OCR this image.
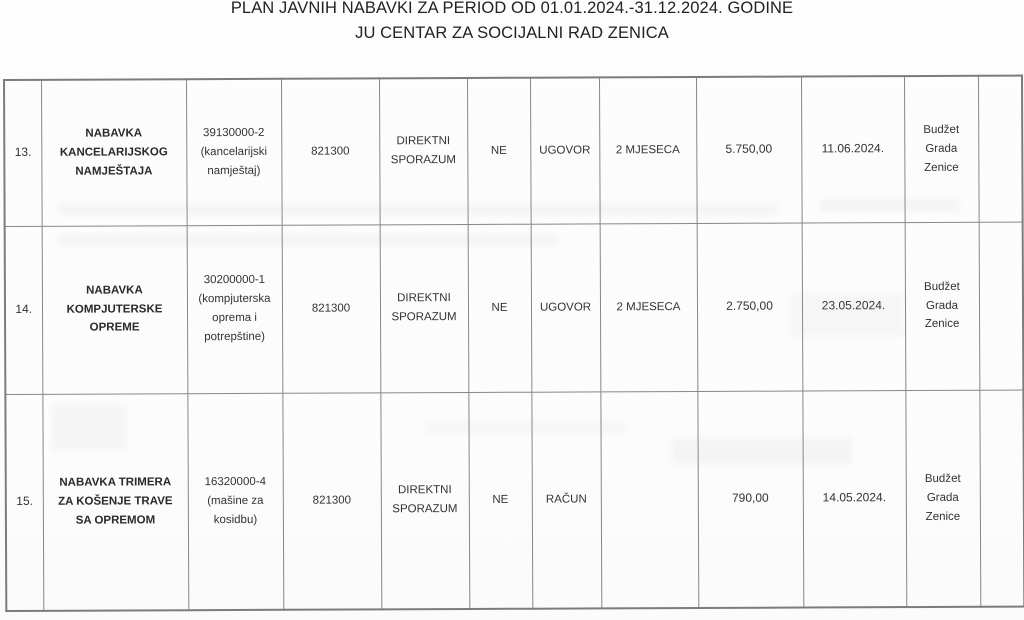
PLAN JAVNIH NABAVKI ZA PERIOD OD 01.01.2024.-31.12.2024. GODINE
JU CENTAR ZA SOCIJALNI RAD ZENICA
13.	NABAVKA KANCELARIJSKOG NAMJEŠTAJA	39130000-2 (kancelarijski namještaj)	821300	DIREKTNI SPORAZUM	NE	UGOVOR	2 MJESECA	5.750,00	11.06.2024.	Budžet Grada Zenice	
14.	NABAVKA KOMPJUTERSKE OPREME	30200000-1 (kompjuterska oprema i potrepštine)	821300	DIREKTNI SPORAZUM	NE	UGOVOR	2 MJESECA	2.750,00	23.05.2024.	Budžet Grada Zenice	
15.	NABAVKA TRIMERA ZA KOŠENJE TRAVE SA OPREMOM	16320000-4 (mašine za kosidbu)	821300	DIREKTNI SPORAZUM	NE	RAČUN		790,00	14.05.2024.	Budžet Grada Zenice	
